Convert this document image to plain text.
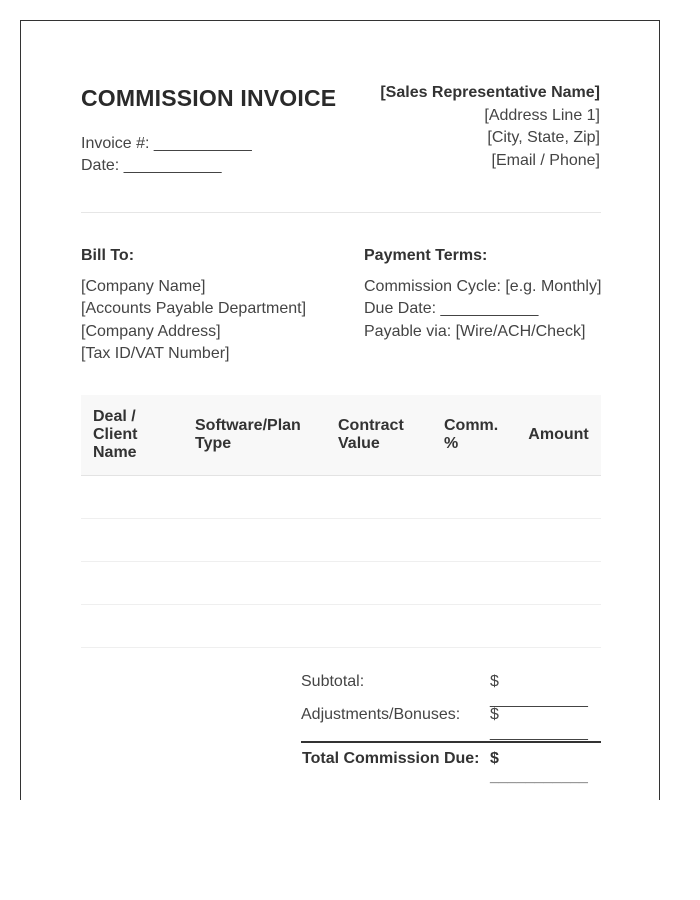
COMMISSION INVOICE
Invoice #: ___________
Date: ___________
[Sales Representative Name]
[Address Line 1]
[City, State, Zip]
[Email / Phone]
Bill To:
[Company Name]
[Accounts Payable Department]
[Company Address]
[Tax ID/VAT Number]
Payment Terms:
Commission Cycle: [e.g. Monthly]
Due Date: ___________
Payable via: [Wire/ACH/Check]
Deal / Client Name
Software/Plan Type
Contract Value
Comm. %
Amount
Subtotal:	$ ___________
Adjustments/Bonuses: $ ___________
Total Commission Due: $ ___________
